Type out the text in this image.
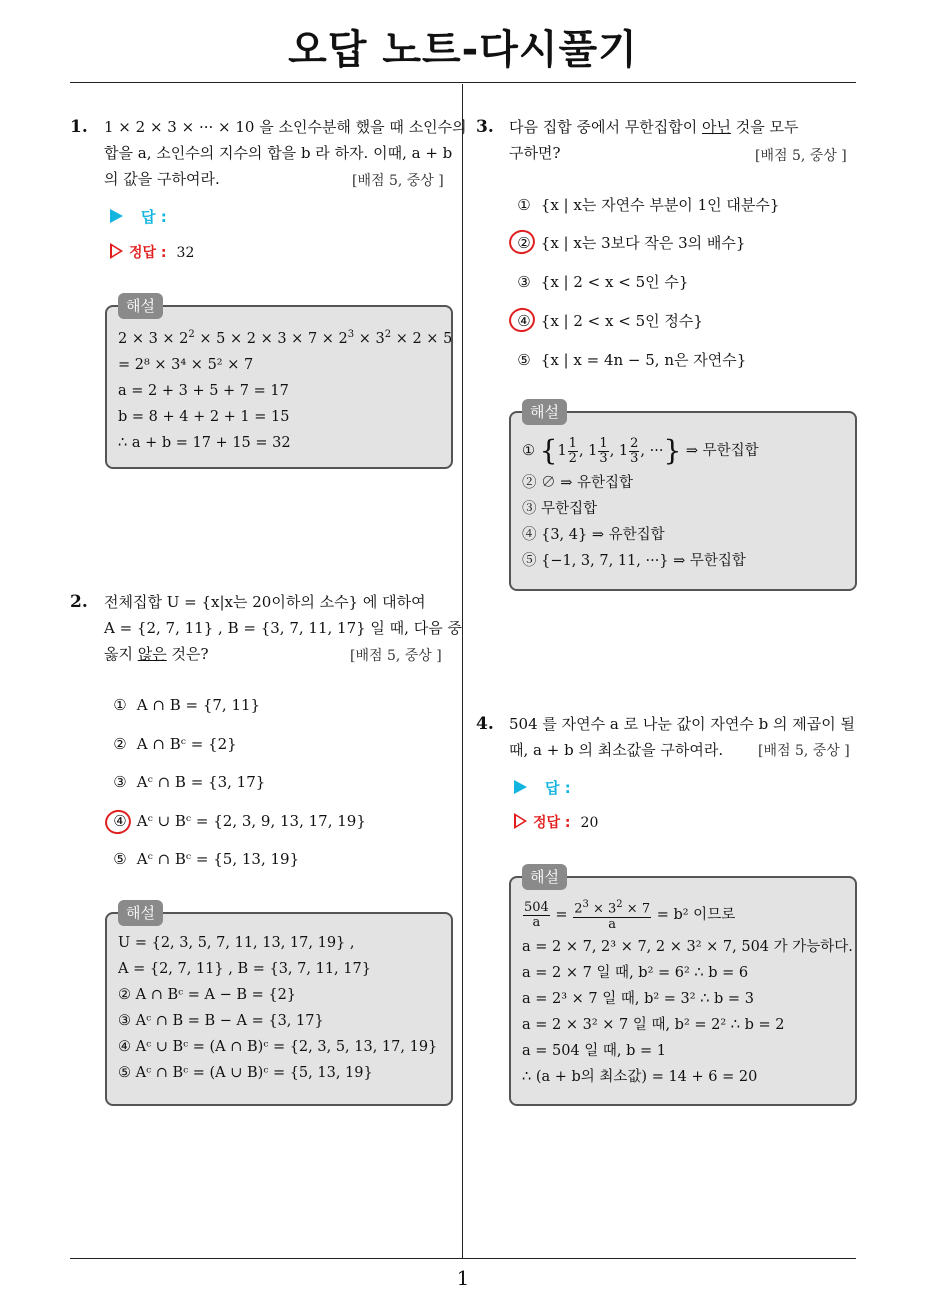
오답 노트-다시풀기
1
1. 1 × 2 × 3 × ··· × 10 을 소인수분해 했을 때 소인수의
합을 a, 소인수의 지수의 합을 b 라 하자. 이때, a + b
의 값을 구하여라.	[배점 5, 중상 ]
답 :
정답 : 32
해설
$2 \times 3 \times 2^2 \times 5 \times 2 \times 3 \times 7 \times 2^3 \times 3^2 \times 2 \times 5$
= 2⁸ × 3⁴ × 5² × 7
a = 2 + 3 + 5 + 7 = 17
b = 8 + 4 + 2 + 1 = 15
∴ a + b = 17 + 15 = 32
2. 전체집합 U = {x|x는 20이하의 소수} 에 대하여
A = {2, 7, 11} , B = {3, 7, 11, 17} 일 때, 다음 중
옳지 않은 것은?	[배점 5, 중상 ]
① A ∩ B = {7, 11}
② A ∩ Bᶜ = {2}
③ Aᶜ ∩ B = {3, 17}
④ Aᶜ ∪ Bᶜ = {2, 3, 9, 13, 17, 19}
⑤ Aᶜ ∩ Bᶜ = {5, 13, 19}
해설
U = {2, 3, 5, 7, 11, 13, 17, 19} ,
A = {2, 7, 11} , B = {3, 7, 11, 17}
② A ∩ Bᶜ = A − B = {2}
③ Aᶜ ∩ B = B − A = {3, 17}
④ Aᶜ ∪ Bᶜ = (A ∩ B)ᶜ = {2, 3, 5, 13, 17, 19}
⑤ Aᶜ ∩ Bᶜ = (A ∪ B)ᶜ = {5, 13, 19}
3. 다음 집합 중에서 무한집합이 아닌 것을 모두
구하면?	[배점 5, 중상 ]
① {x | x는 자연수 부분이 1인 대분수}
② {x | x는 3보다 작은 3의 배수}
③ {x | 2 < x < 5인 수}
④ {x | 2 < x < 5인 정수}
⑤ {x | x = 4n − 5, n은 자연수}
해설
① {$1 \frac{1}{2}$ , $1 \frac{1}{3}$ , $1 \frac{2}{3}$ , ···} ⇒ 무한집합
② ∅ ⇒ 유한집합
③ 무한집합
④ {3, 4} ⇒ 유한집합
⑤ {−1, 3, 7, 11, ···} ⇒ 무한집합
4. 504 를 자연수 a 로 나눈 값이 자연수 b 의 제곱이 될
때, a + b 의 최소값을 구하여라.	[배점 5, 중상 ]
답 :
정답 : 20
해설
$\frac{504}{a} = \frac{2^3 \times 3^2 \times 7}{a} = b^2$ 이므로
a = 2 × 7, 2³ × 7, 2 × 3² × 7, 504 가 가능하다.
a = 2 × 7 일 때, b² = 6² ∴ b = 6
a = 2³ × 7 일 때, b² = 3² ∴ b = 3
a = 2 × 3² × 7 일 때, b² = 2² ∴ b = 2
a = 504 일 때, b = 1
∴ (a + b의 최소값) = 14 + 6 = 20
